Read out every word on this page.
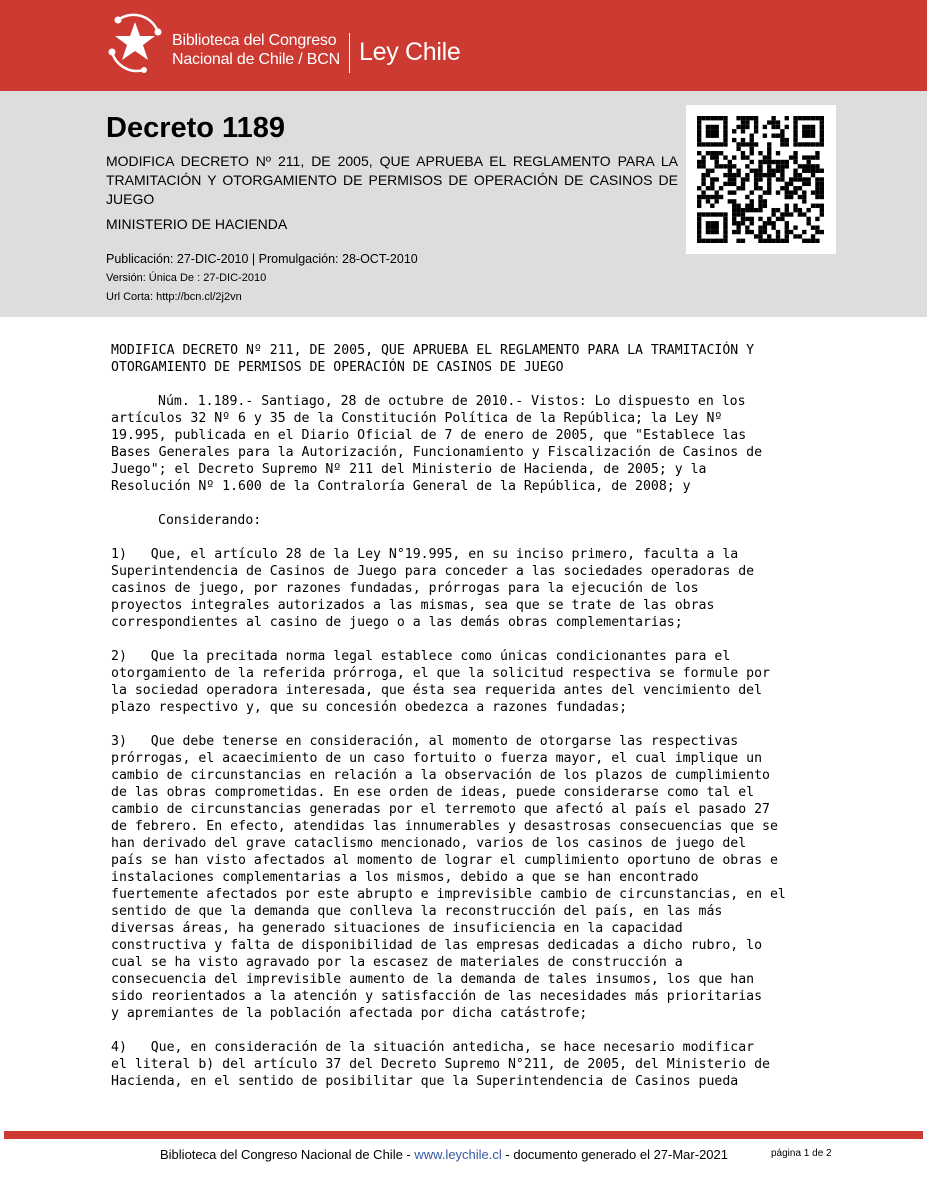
Biblioteca del Congreso
Nacional de Chile / BCN Ley Chile
Decreto 1189

MODIFICA DECRETO Nº 211, DE 2005, QUE APRUEBA EL REGLAMENTO PARA LA TRAMITACIÓN Y OTORGAMIENTO DE PERMISOS DE OPERACIÓN DE CASINOS DE JUEGO

MINISTERIO DE HACIENDA
Publicación: 27-DIC-2010 | Promulgación: 28-OCT-2010
Versión: Única De : 27-DIC-2010
Url Corta: http://bcn.cl/2j2vn

MODIFICA DECRETO Nº 211, DE 2005, QUE APRUEBA EL REGLAMENTO PARA LA TRAMITACIÓN Y
OTORGAMIENTO DE PERMISOS DE OPERACIÓN DE CASINOS DE JUEGO

Núm. 1.189.- Santiago, 28 de octubre de 2010.- Vistos: Lo dispuesto en los
artículos 32 Nº 6 y 35 de la Constitución Política de la República; la Ley Nº
19.995, publicada en el Diario Oficial de 7 de enero de 2005, que "Establece las
Bases Generales para la Autorización, Funcionamiento y Fiscalización de Casinos de
Juego"; el Decreto Supremo Nº 211 del Ministerio de Hacienda, de 2005; y la
Resolución Nº 1.600 de la Contraloría General de la República, de 2008; y

Considerando:

1)   Que, el artículo 28 de la Ley N°19.995, en su inciso primero, faculta a la
Superintendencia de Casinos de Juego para conceder a las sociedades operadoras de
casinos de juego, por razones fundadas, prórrogas para la ejecución de los
proyectos integrales autorizados a las mismas, sea que se trate de las obras
correspondientes al casino de juego o a las demás obras complementarias;

2)   Que la precitada norma legal establece como únicas condicionantes para el
otorgamiento de la referida prórroga, el que la solicitud respectiva se formule por
la sociedad operadora interesada, que ésta sea requerida antes del vencimiento del
plazo respectivo y, que su concesión obedezca a razones fundadas;

3)   Que debe tenerse en consideración, al momento de otorgarse las respectivas
prórrogas, el acaecimiento de un caso fortuito o fuerza mayor, el cual implique un
cambio de circunstancias en relación a la observación de los plazos de cumplimiento
de las obras comprometidas. En ese orden de ideas, puede considerarse como tal el
cambio de circunstancias generadas por el terremoto que afectó al país el pasado 27
de febrero. En efecto, atendidas las innumerables y desastrosas consecuencias que se
han derivado del grave cataclismo mencionado, varios de los casinos de juego del
país se han visto afectados al momento de lograr el cumplimiento oportuno de obras e
instalaciones complementarias a los mismos, debido a que se han encontrado
fuertemente afectados por este abrupto e imprevisible cambio de circunstancias, en el
sentido de que la demanda que conlleva la reconstrucción del país, en las más
diversas áreas, ha generado situaciones de insuficiencia en la capacidad
constructiva y falta de disponibilidad de las empresas dedicadas a dicho rubro, lo
cual se ha visto agravado por la escasez de materiales de construcción a
consecuencia del imprevisible aumento de la demanda de tales insumos, los que han
sido reorientados a la atención y satisfacción de las necesidades más prioritarias
y apremiantes de la población afectada por dicha catástrofe;

4)   Que, en consideración de la situación antedicha, se hace necesario modificar
el literal b) del artículo 37 del Decreto Supremo N°211, de 2005, del Ministerio de
Hacienda, en el sentido de posibilitar que la Superintendencia de Casinos pueda

Biblioteca del Congreso Nacional de Chile - www.leychile.cl - documento generado el 27-Mar-2021	página 1 de 2
